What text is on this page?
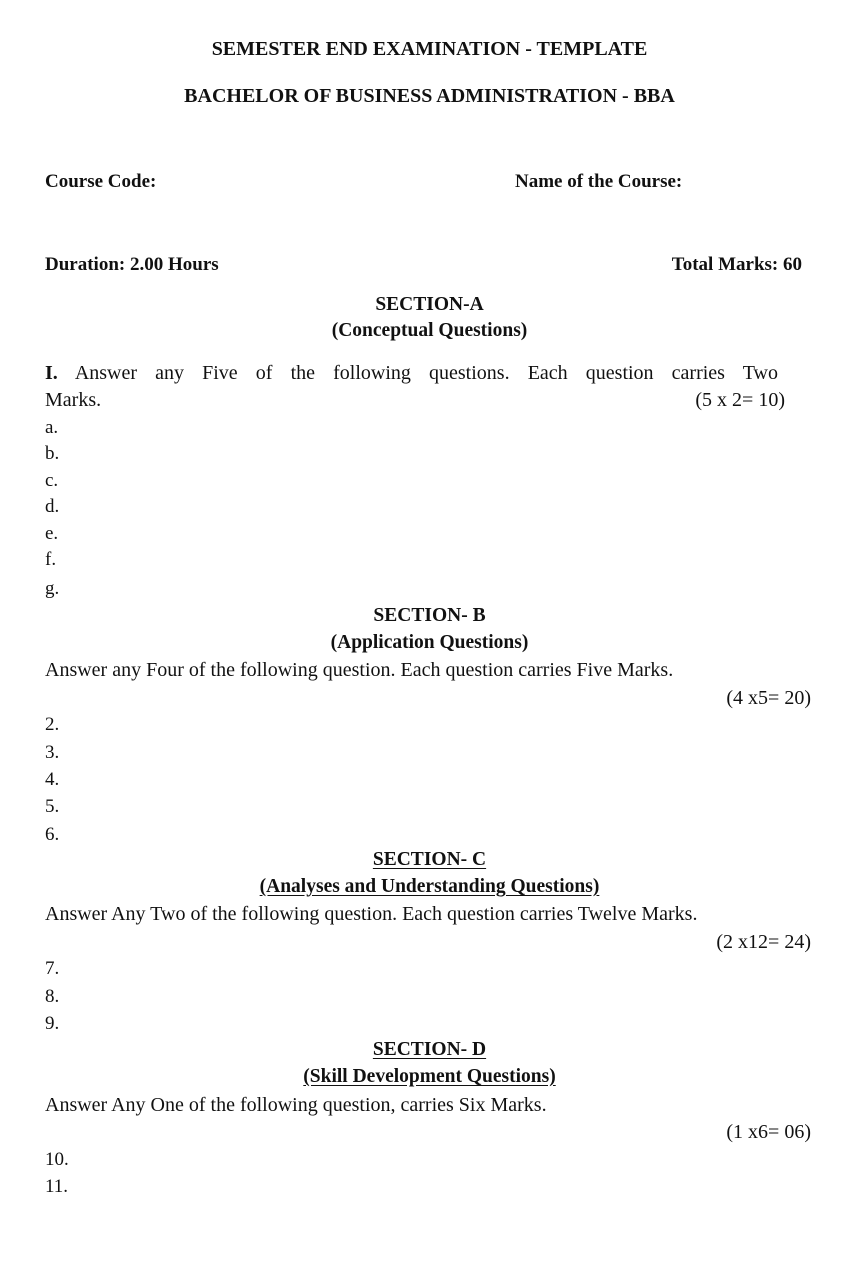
SEMESTER END EXAMINATION - TEMPLATE
BACHELOR OF BUSINESS ADMINISTRATION - BBA
Course Code:	Name of the Course:
Duration: 2.00 Hours	Total Marks: 60
SECTION-A
(Conceptual Questions)
I. Answer any Five of the following questions. Each question carries Two
Marks.	(5 x 2= 10)
a.
b.
c.
d.
e.
f.
g.
SECTION- B
(Application Questions)
Answer any Four of the following question. Each question carries Five Marks.
(4 x5= 20)
2.
3.
4.
5.
6.
SECTION- C
(Analyses and Understanding Questions)
Answer Any Two of the following question. Each question carries Twelve Marks.
(2 x12= 24)
7.
8.
9.
SECTION- D
(Skill Development Questions)
Answer Any One of the following question, carries Six Marks.
(1 x6= 06)
10.
11.
